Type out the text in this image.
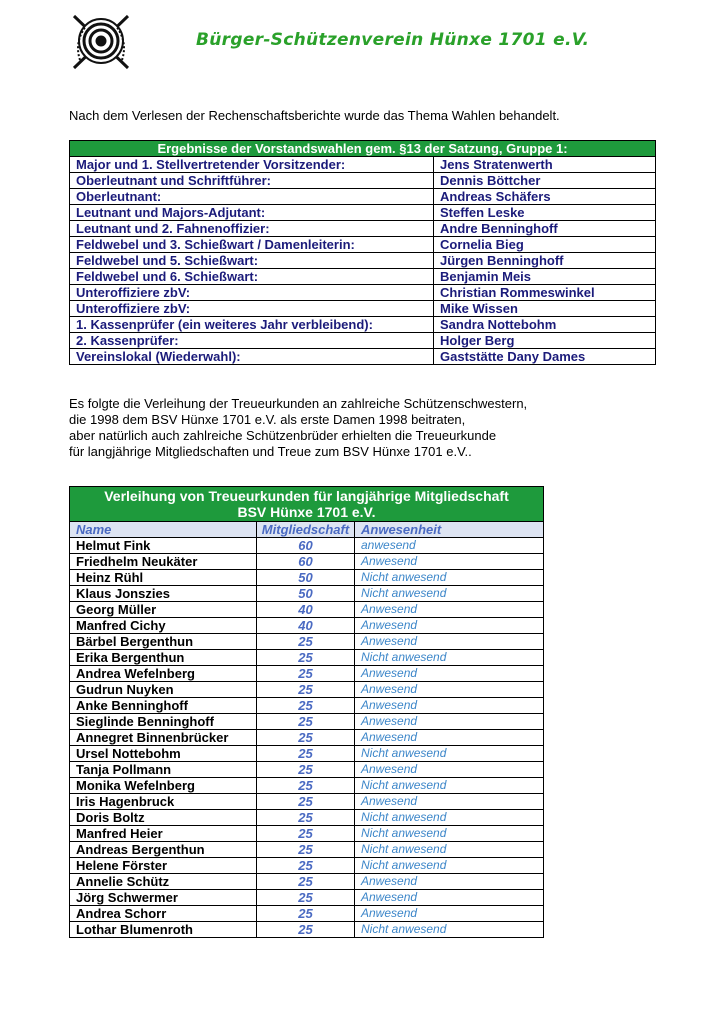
Bürger-Schützenverein Hünxe 1701 e.V.

Nach dem Verlesen der Rechenschaftsberichte wurde das Thema Wahlen behandelt.

Ergebnisse der Vorstandswahlen gem. §13 der Satzung, Gruppe 1:	
Major und 1. Stellvertretender Vorsitzender:	Jens Stratenwerth
Oberleutnant und Schriftführer:	Dennis Böttcher
Oberleutnant:	Andreas Schäfers
Leutnant und Majors-Adjutant:	Steffen Leske
Leutnant und 2. Fahnenoffizier:	Andre Benninghoff
Feldwebel und 3. Schießwart / Damenleiterin:	Cornelia Bieg
Feldwebel und 5. Schießwart:	Jürgen Benninghoff
Feldwebel und 6. Schießwart:	Benjamin Meis
Unteroffiziere zbV:	Christian Rommeswinkel
Unteroffiziere zbV:	Mike Wissen
1. Kassenprüfer (ein weiteres Jahr verbleibend):	Sandra Nottebohm
2. Kassenprüfer:	Holger Berg
Vereinslokal (Wiederwahl):	Gaststätte Dany Dames

Es folgte die Verleihung der Treueurkunden an zahlreiche Schützenschwestern,
die 1998 dem BSV Hünxe 1701 e.V. als erste Damen 1998 beitraten,
aber natürlich auch zahlreiche Schützenbrüder erhielten die Treueurkunde
für langjährige Mitgliedschaften und Treue zum BSV Hünxe 1701 e.V..

Verleihung von Treueurkunden für langjährige Mitgliedschaft
BSV Hünxe 1701 e.V.		
Name	Mitgliedschaft	Anwesenheit
Helmut Fink	60	anwesend
Friedhelm Neukäter	60	Anwesend
Heinz Rühl	50	Nicht anwesend
Klaus Jonszies	50	Nicht anwesend
Georg Müller	40	Anwesend
Manfred Cichy	40	Anwesend
Bärbel Bergenthun	25	Anwesend
Erika Bergenthun	25	Nicht anwesend
Andrea Wefelnberg	25	Anwesend
Gudrun Nuyken	25	Anwesend
Anke Benninghoff	25	Anwesend
Sieglinde Benninghoff	25	Anwesend
Annegret Binnenbrücker	25	Anwesend
Ursel Nottebohm	25	Nicht anwesend
Tanja Pollmann	25	Anwesend
Monika Wefelnberg	25	Nicht anwesend
Iris Hagenbruck	25	Anwesend
Doris Boltz	25	Nicht anwesend
Manfred Heier	25	Nicht anwesend
Andreas Bergenthun	25	Nicht anwesend
Helene Förster	25	Nicht anwesend
Annelie Schütz	25	Anwesend
Jörg Schwermer	25	Anwesend
Andrea Schorr	25	Anwesend
Lothar Blumenroth	25	Nicht anwesend
